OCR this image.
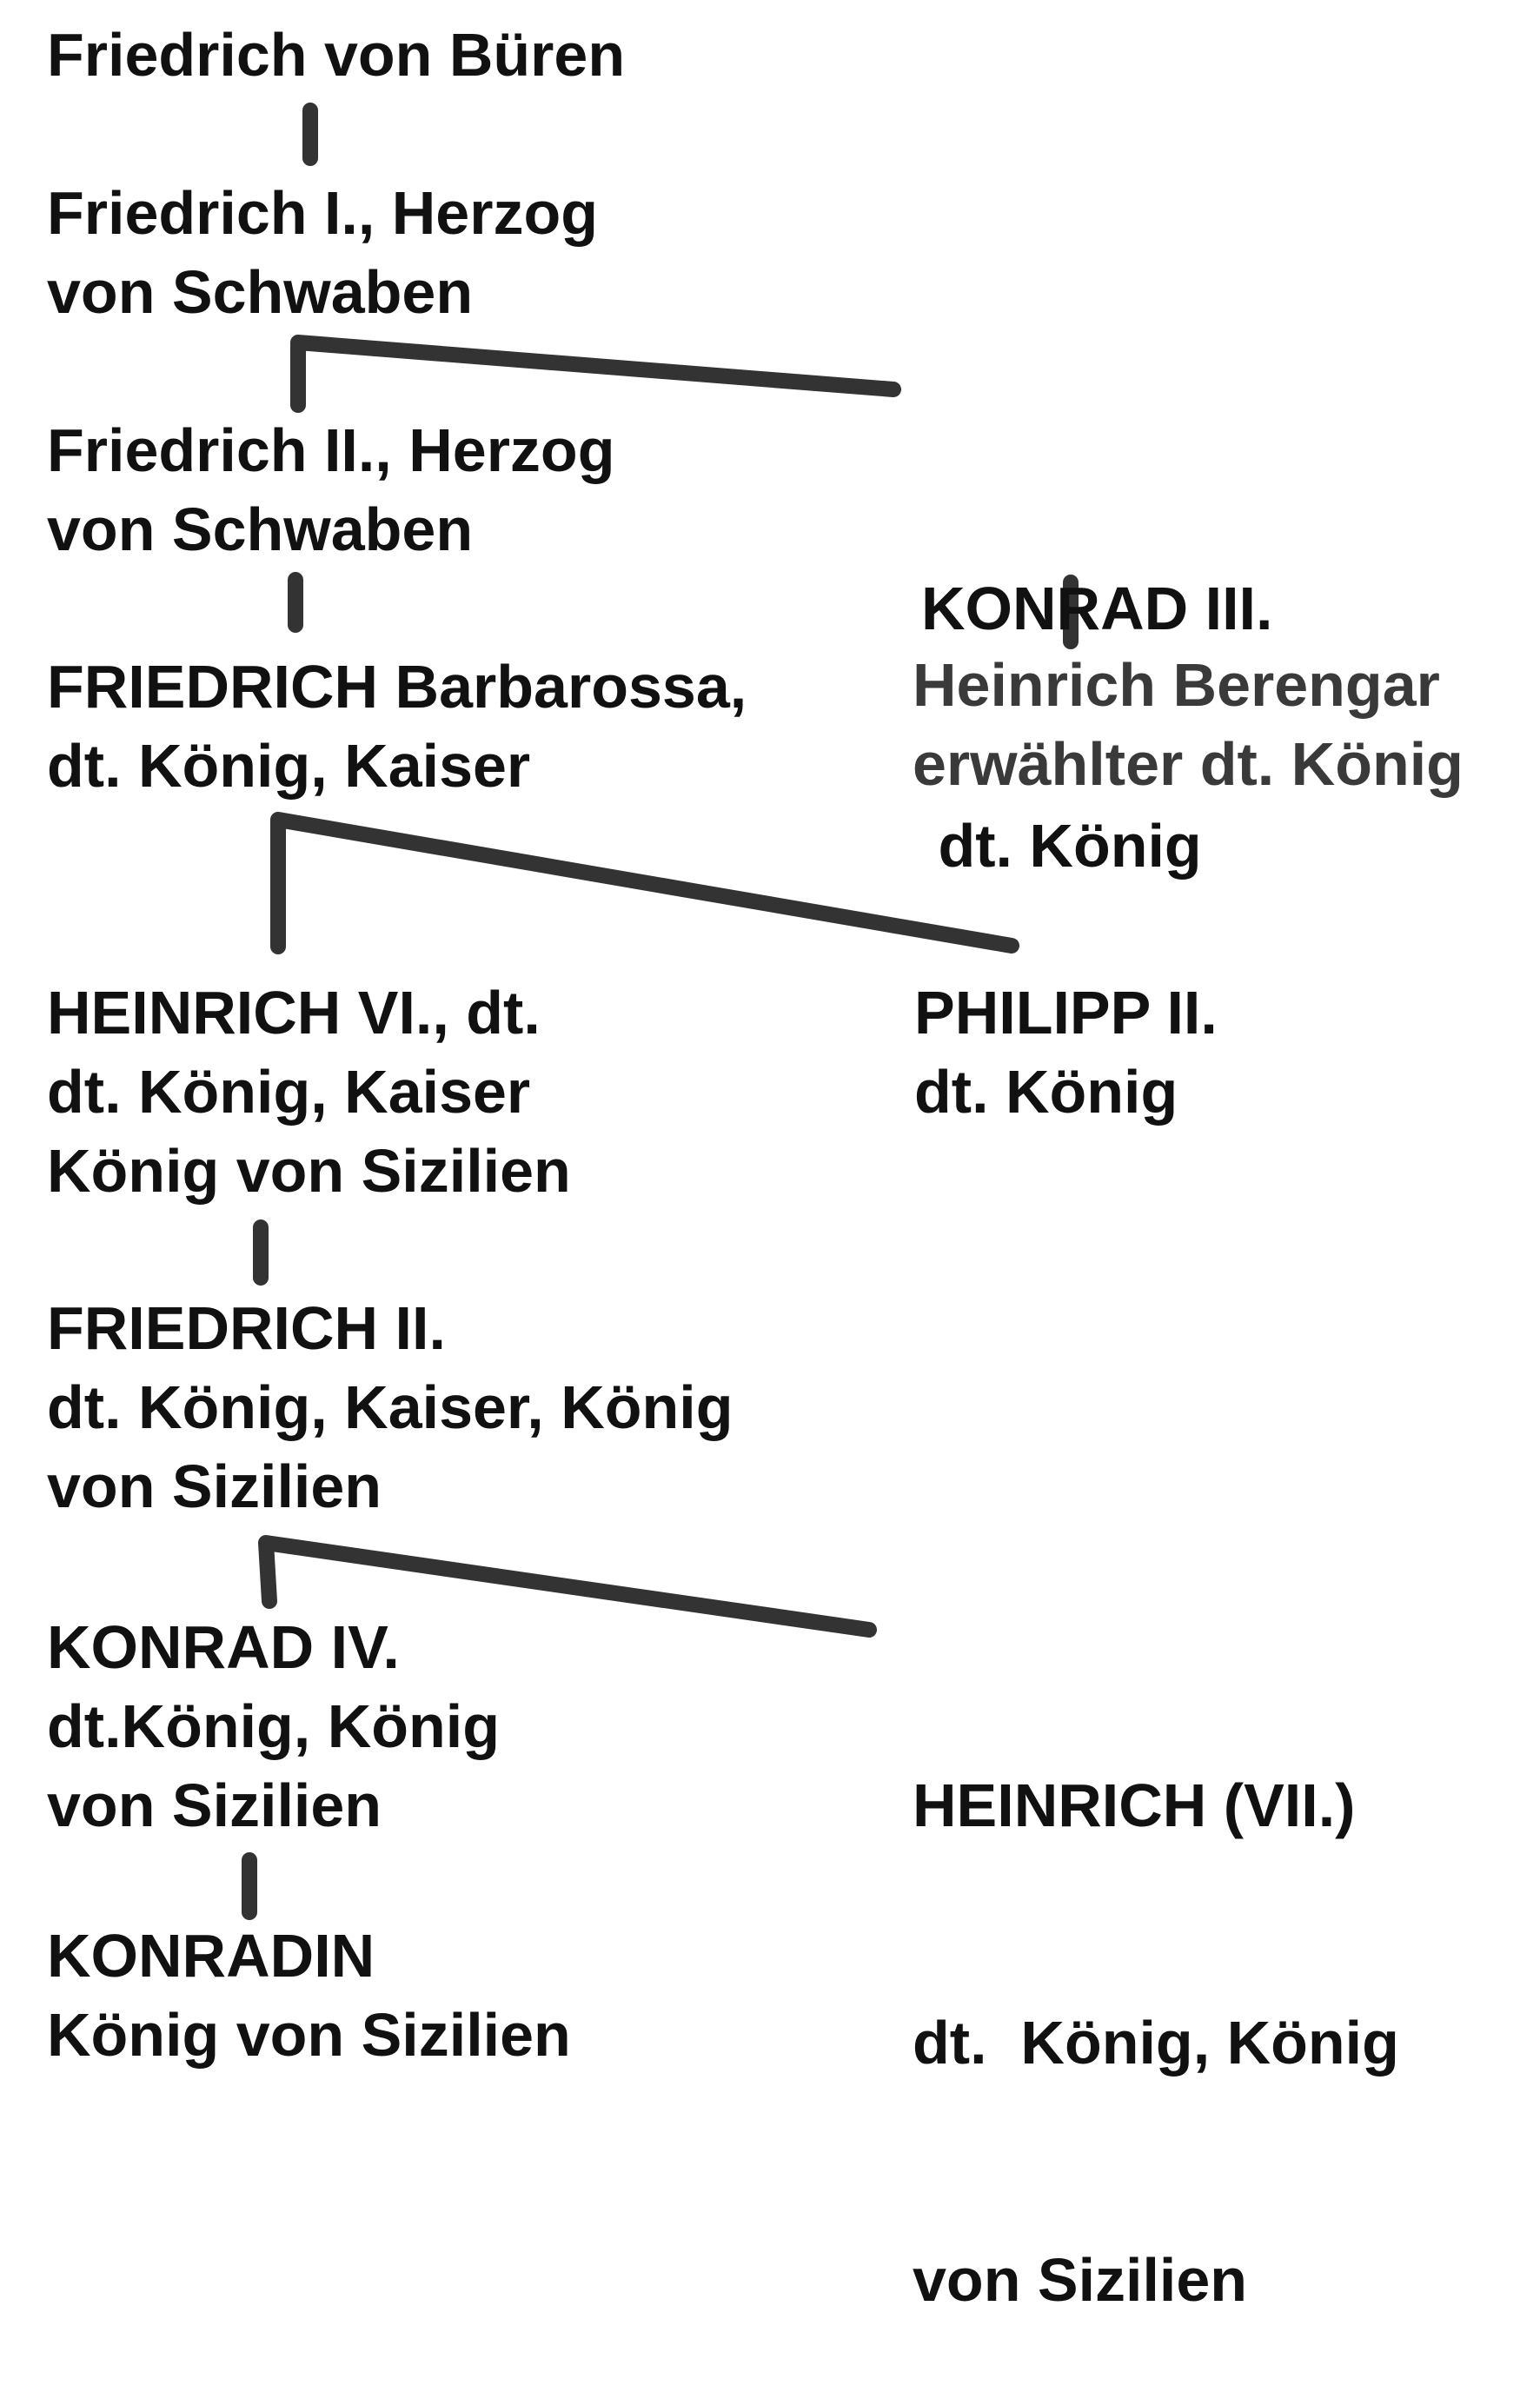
Friedrich von Büren
Friedrich I., Herzog
von Schwaben
Friedrich II., Herzog
von Schwaben

KONRAD III.

dt. König

FRIEDRICH Barbarossa,
dt. König, Kaiser
Heinrich Berengar
erwählter dt. König
HEINRICH VI., dt.
dt. König, Kaiser
König von Sizilien
PHILIPP II.
dt. König
FRIEDRICH II.
dt. König, Kaiser, König
von Sizilien
KONRAD IV.
dt.König, König
von Sizilien

	HEINRICH (VII.)

dt.  König, König

von Sizilien

KONRADIN
König von Sizilien
